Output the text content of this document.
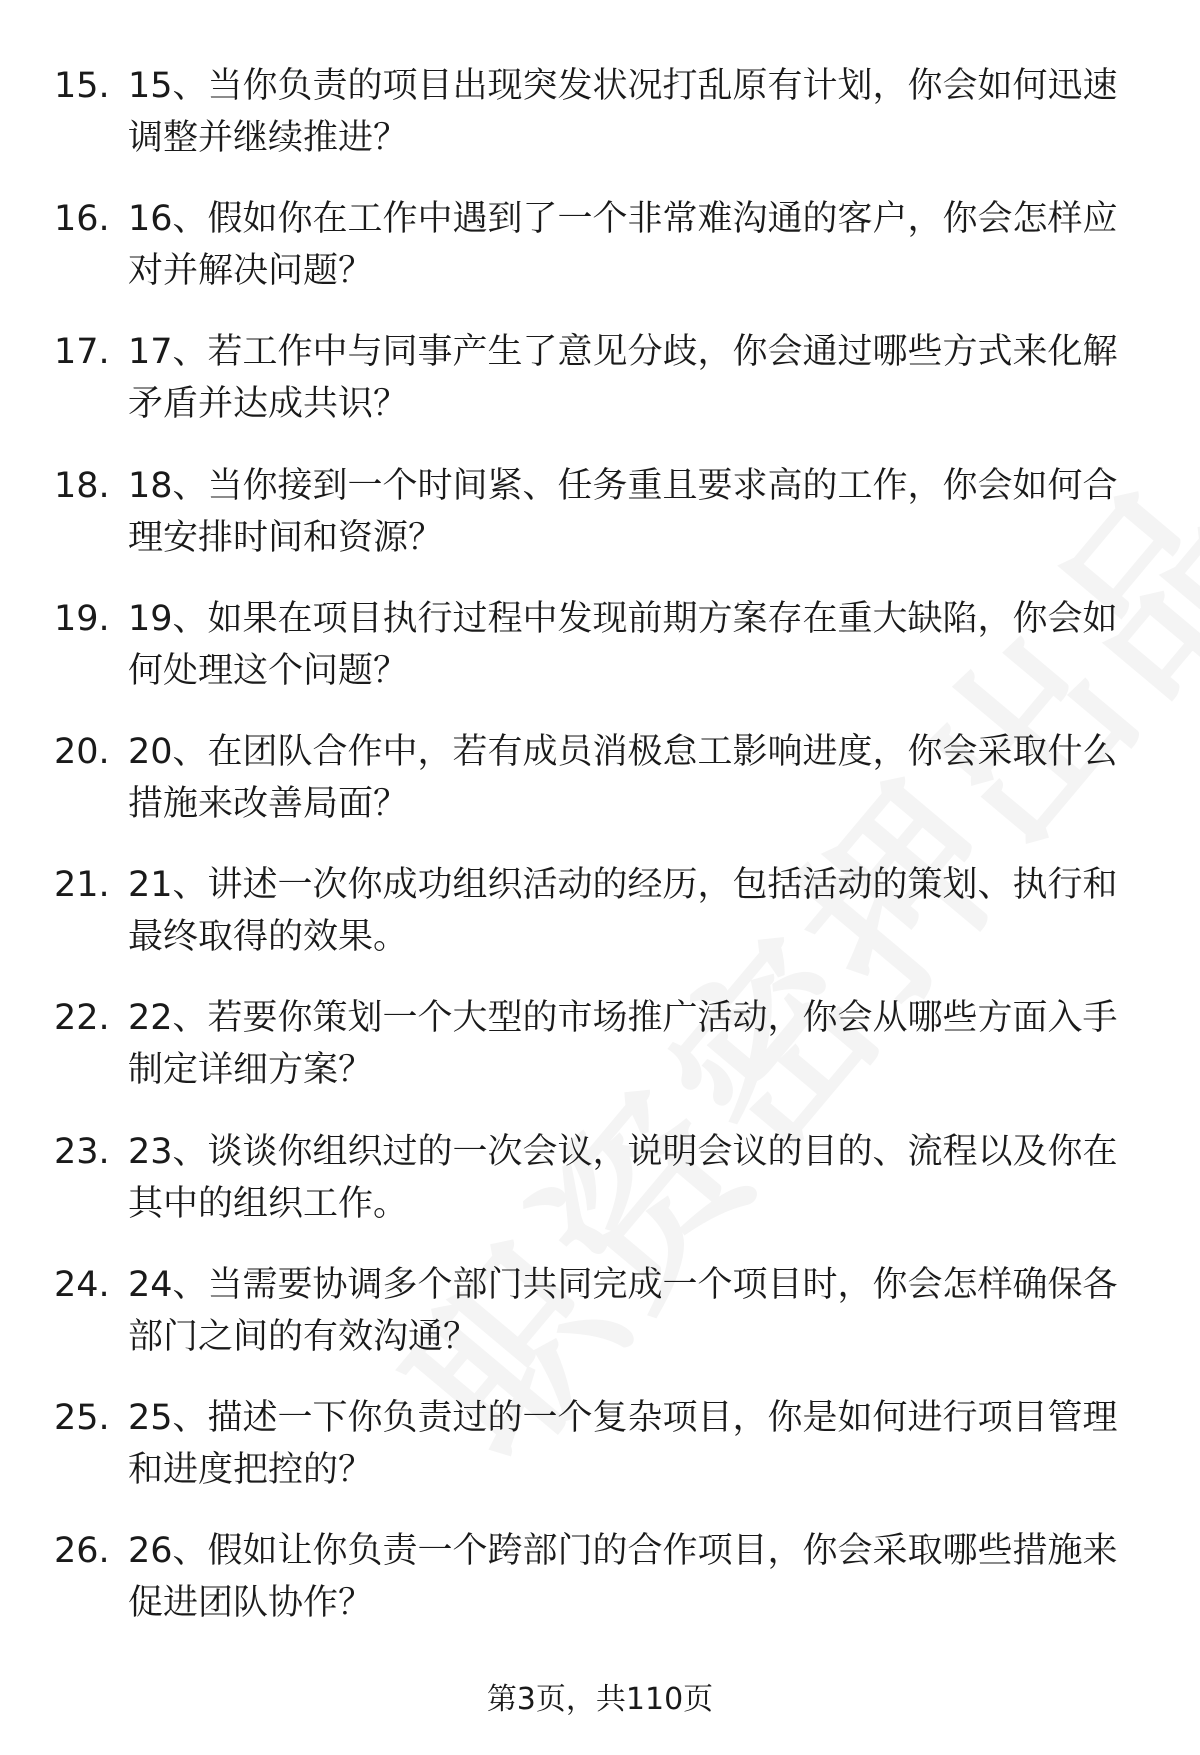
15. 15、当你负责的项目出现突发状况打乱原有计划，你会如何迅速调整并继续推进？
16. 16、假如你在工作中遇到了一个非常难沟通的客户，你会怎样应对并解决问题？
17. 17、若工作中与同事产生了意见分歧，你会通过哪些方式来化解矛盾并达成共识？
18. 18、当你接到一个时间紧、任务重且要求高的工作，你会如何合理安排时间和资源？
19. 19、如果在项目执行过程中发现前期方案存在重大缺陷，你会如何处理这个问题？
20. 20、在团队合作中，若有成员消极怠工影响进度，你会采取什么措施来改善局面？
21. 21、讲述一次你成功组织活动的经历，包括活动的策划、执行和最终取得的效果。
22. 22、若要你策划一个大型的市场推广活动，你会从哪些方面入手制定详细方案？
23. 23、谈谈你组织过的一次会议，说明会议的目的、流程以及你在其中的组织工作。
24. 24、当需要协调多个部门共同完成一个项目时，你会怎样确保各部门之间的有效沟通？
25. 25、描述一下你负责过的一个复杂项目，你是如何进行项目管理和进度把控的？
26. 26、假如让你负责一个跨部门的合作项目，你会采取哪些措施来促进团队协作？
第3页，共110页
